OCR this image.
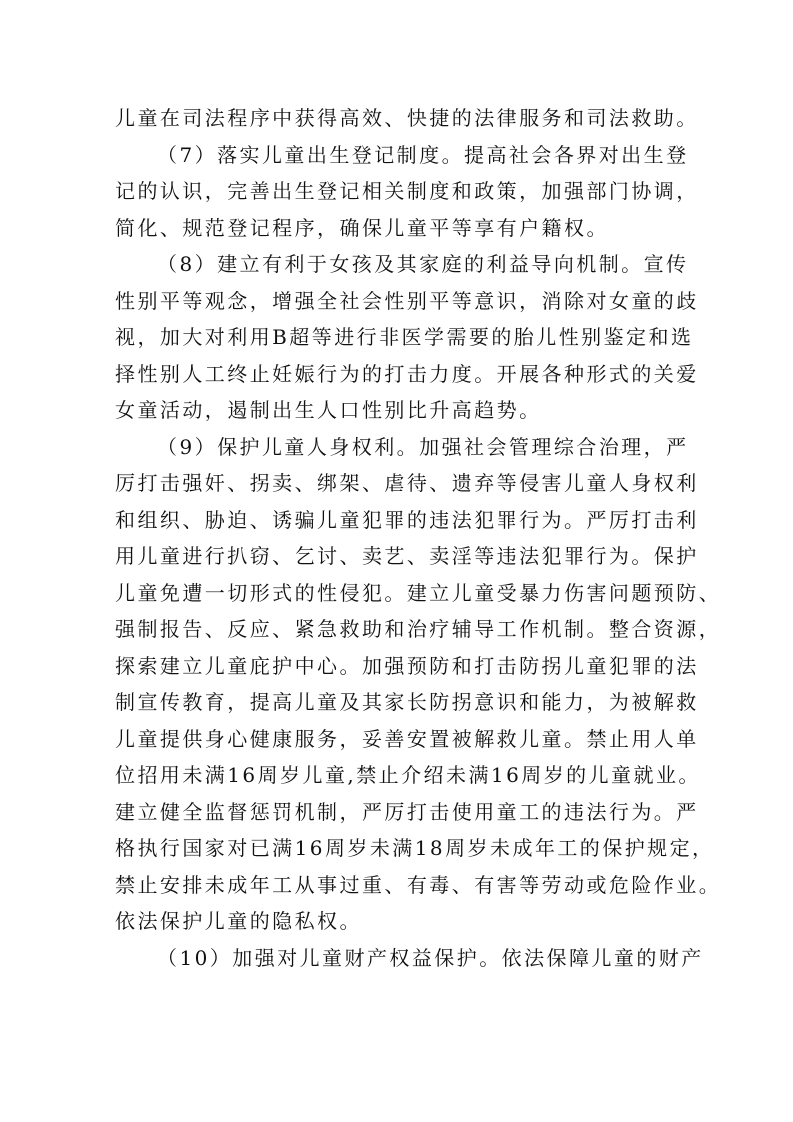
儿童在司法程序中获得高效、快捷的法律服务和司法救助。
（7）落实儿童出生登记制度。提高社会各界对出生登
记的认识，完善出生登记相关制度和政策，加强部门协调，
简化、规范登记程序，确保儿童平等享有户籍权。
（8）建立有利于女孩及其家庭的利益导向机制。宣传
性别平等观念，增强全社会性别平等意识，消除对女童的歧
视，加大对利用B超等进行非医学需要的胎儿性别鉴定和选
择性别人工终止妊娠行为的打击力度。开展各种形式的关爱
女童活动，遏制出生人口性别比升高趋势。
（9）保护儿童人身权利。加强社会管理综合治理，严
厉打击强奸、拐卖、绑架、虐待、遗弃等侵害儿童人身权利
和组织、胁迫、诱骗儿童犯罪的违法犯罪行为。严厉打击利
用儿童进行扒窃、乞讨、卖艺、卖淫等违法犯罪行为。保护
儿童免遭一切形式的性侵犯。建立儿童受暴力伤害问题预防、
强制报告、反应、紧急救助和治疗辅导工作机制。整合资源，
探索建立儿童庇护中心。加强预防和打击防拐儿童犯罪的法
制宣传教育，提高儿童及其家长防拐意识和能力，为被解救
儿童提供身心健康服务，妥善安置被解救儿童。禁止用人单
位招用未满16周岁儿童,禁止介绍未满16周岁的儿童就业。
建立健全监督惩罚机制，严厉打击使用童工的违法行为。严
格执行国家对已满16周岁未满18周岁未成年工的保护规定，
禁止安排未成年工从事过重、有毒、有害等劳动或危险作业。
依法保护儿童的隐私权。
（10）加强对儿童财产权益保护。依法保障儿童的财产
